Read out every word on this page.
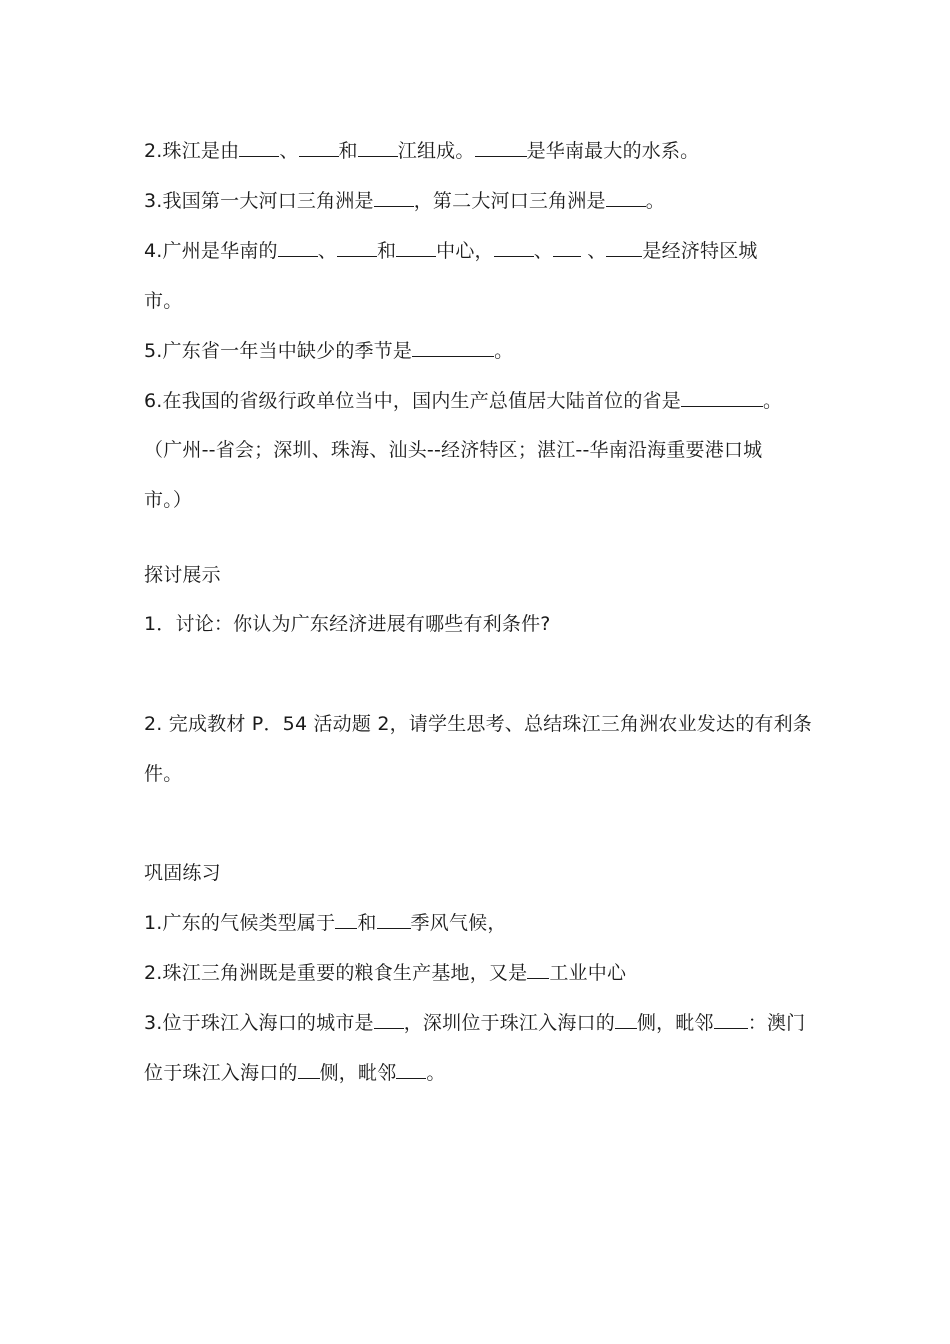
2.珠江是由 、 和 江组成。	是华南最大的水系。
3.我国第一大河口三角洲是 ，第二大河口三角洲是 。
4.广州是华南的 、 和 中心， 、 、 是经济特区城
市。
5.广东省一年当中缺少的季节是	。
6.在我国的省级行政单位当中，国内生产总值居大陆首位的省是	。
（广州--省会；深圳、珠海、汕头--经济特区；湛江--华南沿海重要港口城
市。）
探讨展示
1．讨论：你认为广东经济进展有哪些有利条件?
2. 完成教材 P．54 活动题 2，请学生思考、总结珠江三角洲农业发达的有利条
件。
巩固练习
1.广东的气候类型属于 和 季风气候，
2.珠江三角洲既是重要的粮食生产基地，又是 工业中心
3.位于珠江入海口的城市是 ，深圳位于珠江入海口的 侧，毗邻 ：澳门
位于珠江入海口的 侧，毗邻 。
